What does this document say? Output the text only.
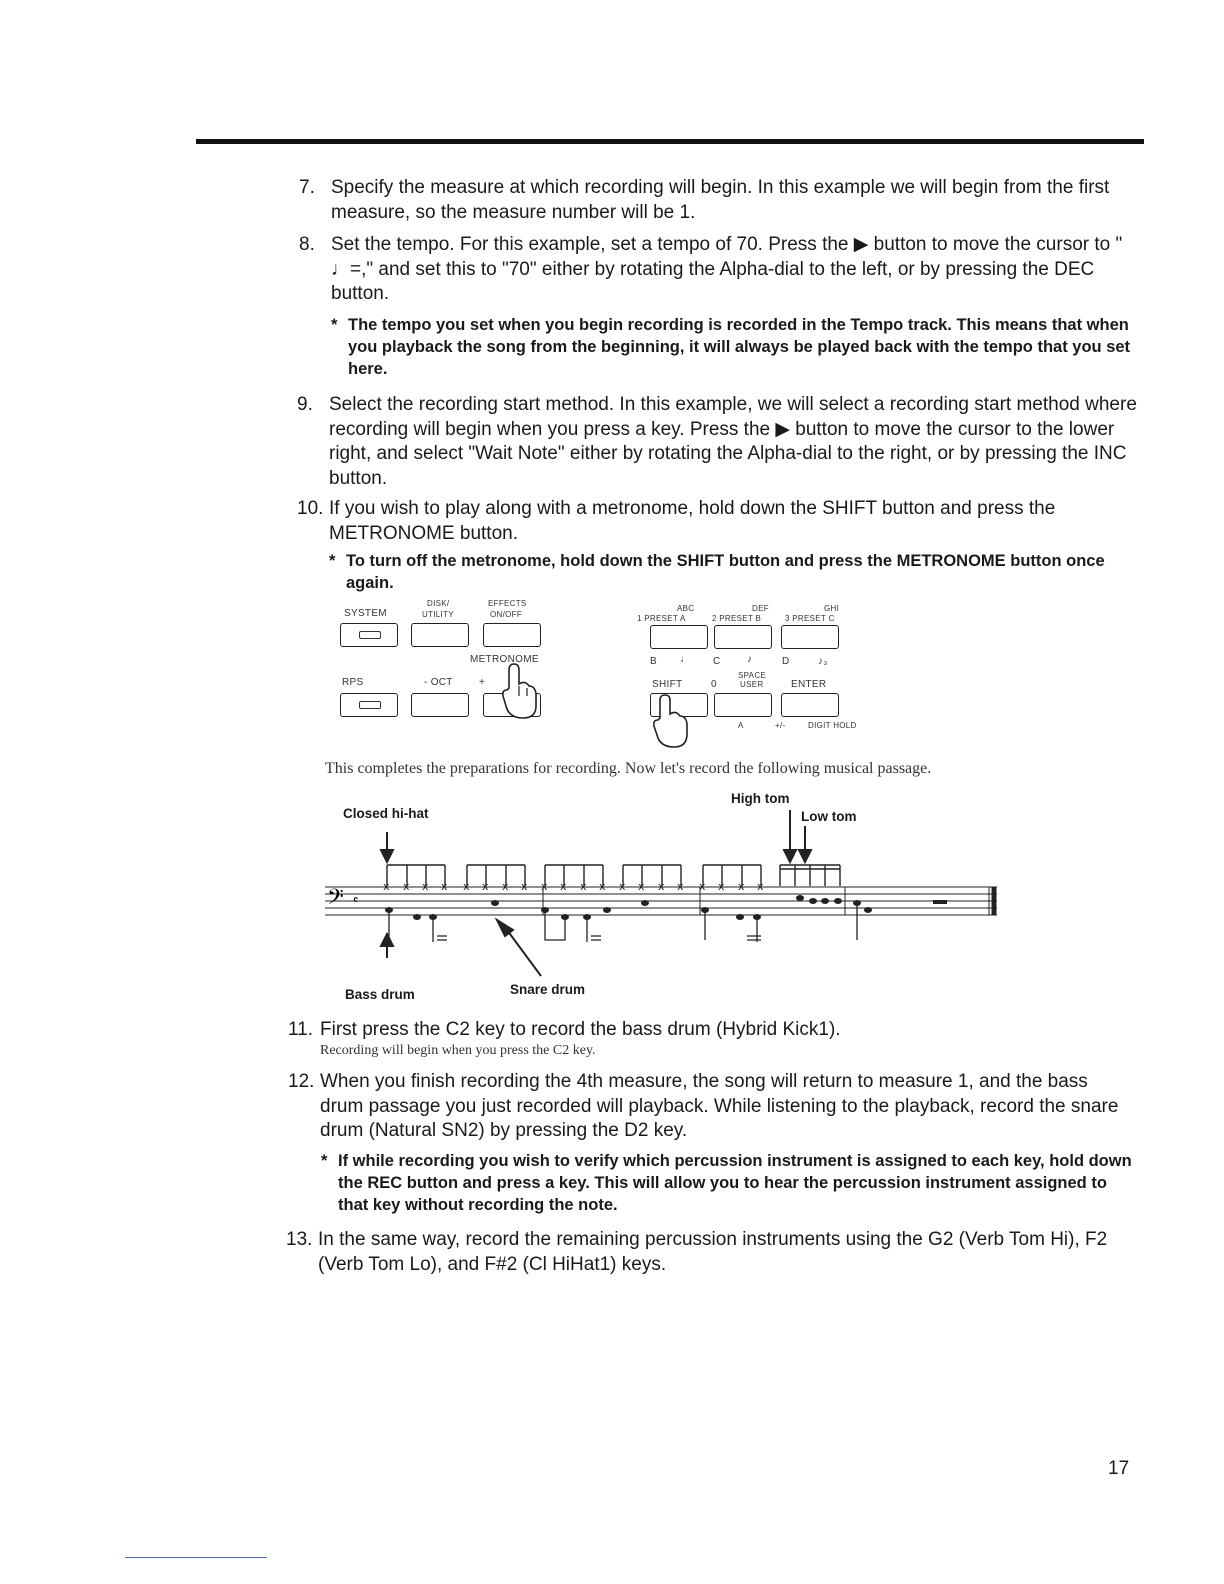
7. Specify the measure at which recording will begin. In this example we will begin from the first measure, so the measure number will be 1.
8. Set the tempo. For this example, set a tempo of 70. Press the ▶ button to move the cursor to " ♩=," and set this to "70" either by rotating the Alpha-dial to the left, or by pressing the DEC button.
* The tempo you set when you begin recording is recorded in the Tempo track. This means that when you playback the song from the beginning, it will always be played back with the tempo that you set here.
9. Select the recording start method. In this example, we will select a recording start method where recording will begin when you press a key. Press the ▶ button to move the cursor to the lower right, and select "Wait Note" either by rotating the Alpha-dial to the right, or by pressing the INC button.
10. If you wish to play along with a metronome, hold down the SHIFT button and press the METRONOME button.
* To turn off the metronome, hold down the SHIFT button and press the METRONOME button once again.
SYSTEM
DISK/
UTILITY
EFFECTS
ON/OFF
METRONOME
RPS	- OCT	+
ABC	DEF	GHI
1 PRESET A	2 PRESET B	3 PRESET C
B ♩ C	♪	D	♪₃
SHIFT	0
SPACE
USER	ENTER
A	+/-	DIGIT HOLD
This completes the preparations for recording. Now let's record the following musical passage.
Closed hi-hat
High tom
Low tom
Bass drum	Snare drum
𝄢 𝄴
x x x x x x x x x x x x x x x x x x x x
11. First press the C2 key to record the bass drum (Hybrid Kick1).
Recording will begin when you press the C2 key.
12. When you finish recording the 4th measure, the song will return to measure 1, and the bass drum passage you just recorded will playback. While listening to the playback, record the snare drum (Natural SN2) by pressing the D2 key.
* If while recording you wish to verify which percussion instrument is assigned to each key, hold down the REC button and press a key. This will allow you to hear the percussion instrument assigned to that key without recording the note.
13. In the same way, record the remaining percussion instruments using the G2 (Verb Tom Hi), F2 (Verb Tom Lo), and F#2 (Cl HiHat1) keys.
17
